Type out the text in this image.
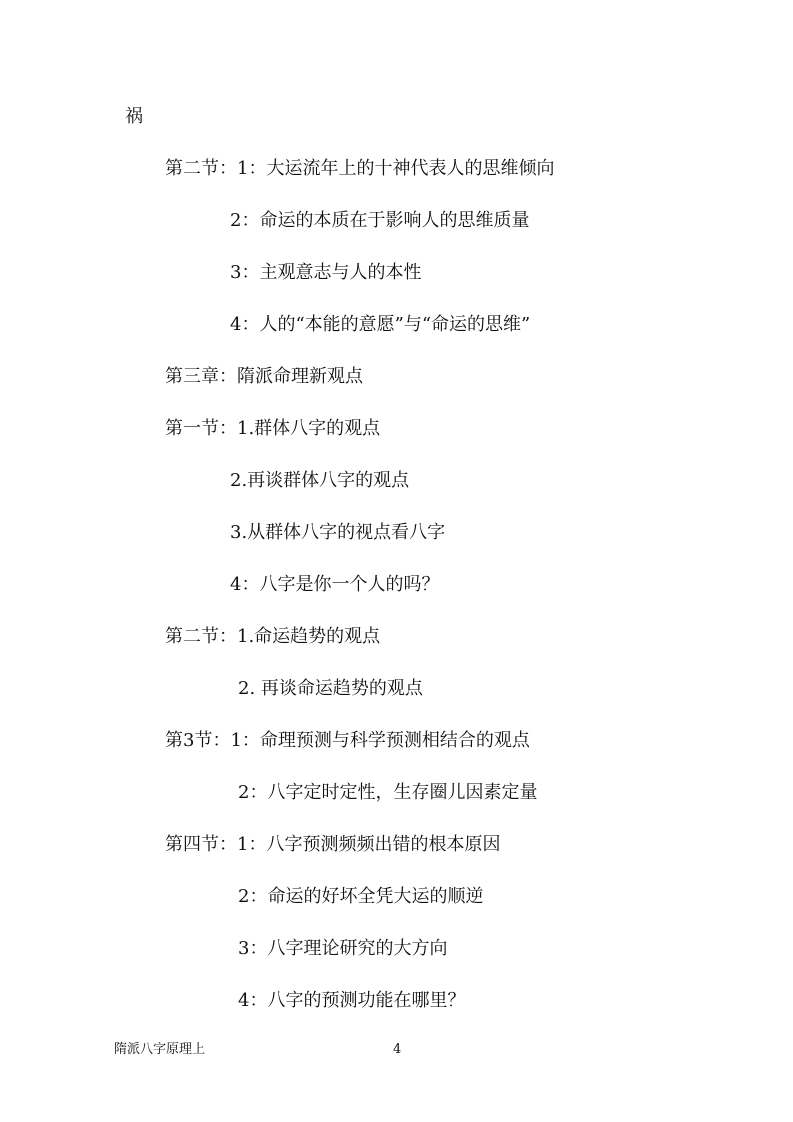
祸
第二节：1：大运流年上的十神代表人的思维倾向
2：命运的本质在于影响人的思维质量
3：主观意志与人的本性
4：人的“本能的意愿”与“命运的思维”
第三章：隋派命理新观点
第一节：1.群体八字的观点
2.再谈群体八字的观点
3.从群体八字的视点看八字
4：八字是你一个人的吗？
第二节：1.命运趋势的观点
2. 再谈命运趋势的观点
第3节：1：命理预测与科学预测相结合的观点
2：八字定时定性，生存圈儿因素定量
第四节：1：八字预测频频出错的根本原因
2：命运的好坏全凭大运的顺逆
3：八字理论研究的大方向
4：八字的预测功能在哪里？
隋派八字原理上	4
